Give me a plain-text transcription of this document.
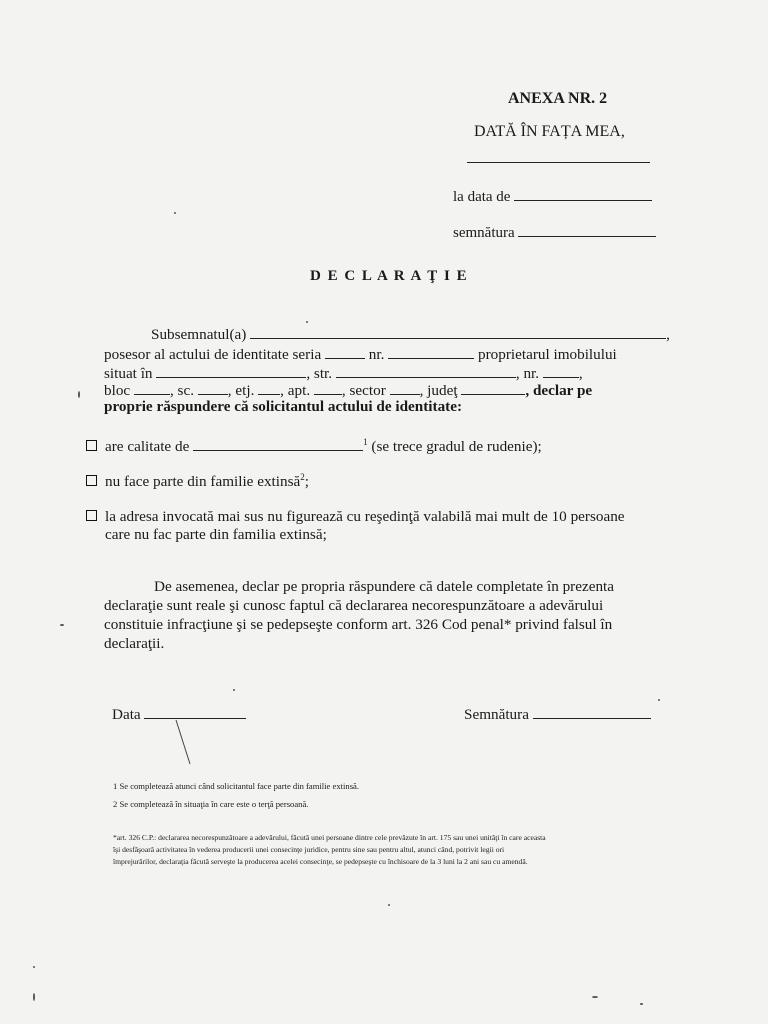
ANEXA NR. 2
DATĂ ÎN FAȚA MEA,
la data de
semnătura
D E C L A R A Ţ I E
Subsemnatul(a)	,
posesor al actului de identitate seria	nr.	proprietarul imobilului
situat în	, str.	, nr.	,
bloc	, sc. , etj. , apt. , sector , judeţ	, declar pe
proprie răspundere că solicitantul actului de identitate:
are calitate de	$^1$ (se trece gradul de rudenie);
nu face parte din familie extinsă$^2$;
la adresa invocată mai sus nu figurează cu reşedinţă valabilă mai mult de 10 persoane
care nu fac parte din familia extinsă;
De asemenea, declar pe propria răspundere că datele completate în prezenta
declaraţie sunt reale şi cunosc faptul că declararea necorespunzătoare a adevărului
constituie infracţiune şi se pedepseşte conform art. 326 Cod penal* privind falsul în
declaraţii.
Data	Semnătura
1 Se completează atunci când solicitantul face parte din familie extinsă.
2 Se completează în situaţia în care este o terţă persoană.
*art. 326 C.P.: declararea necorespunzătoare a adevărului, făcută unei persoane dintre cele prevăzute în art. 175 sau unei unităţi în care aceasta
îşi desfăşoară activitatea în vederea producerii unei consecinţe juridice, pentru sine sau pentru altul, atunci când, potrivit legii ori
împrejurărilor, declaraţia făcută serveşte la producerea acelei consecinţe, se pedepseşte cu închisoare de la 3 luni la 2 ani sau cu amendă.
